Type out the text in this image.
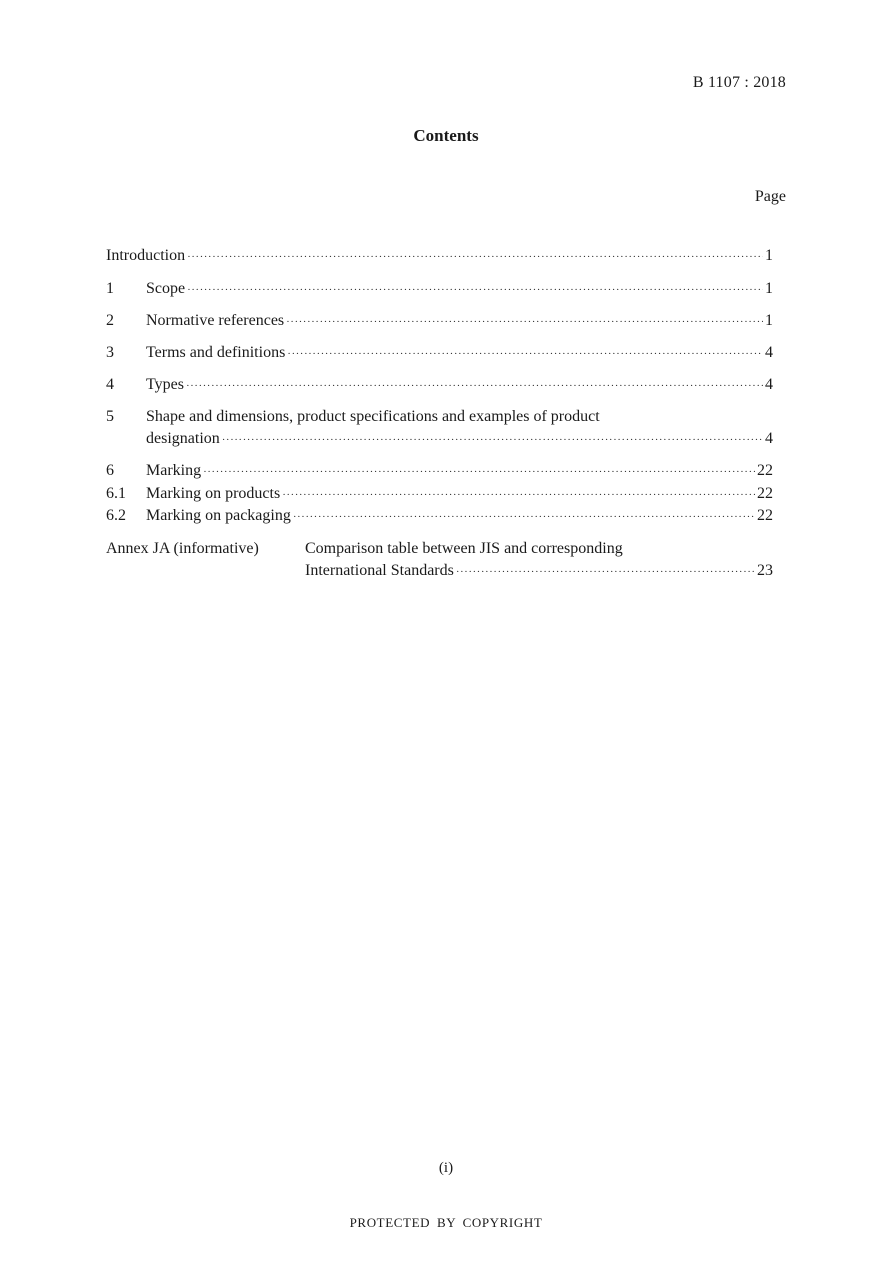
B 1107 : 2018
Contents
Page
Introduction ·····	1
1 Scope ·····	1
2 Normative references ·····	1
3 Terms and definitions ·····	4
4 Types ·····	4
5 Shape and dimensions, product specifications and examples of product
designation ·····	4
6 Marking ·····	22
6.1 Marking on products ·····	22
6.2 Marking on packaging ·····	22
Annex JA (informative)	Comparison table between JIS and corresponding
International Standards ·····	23
(i)
PROTECTED BY COPYRIGHT
